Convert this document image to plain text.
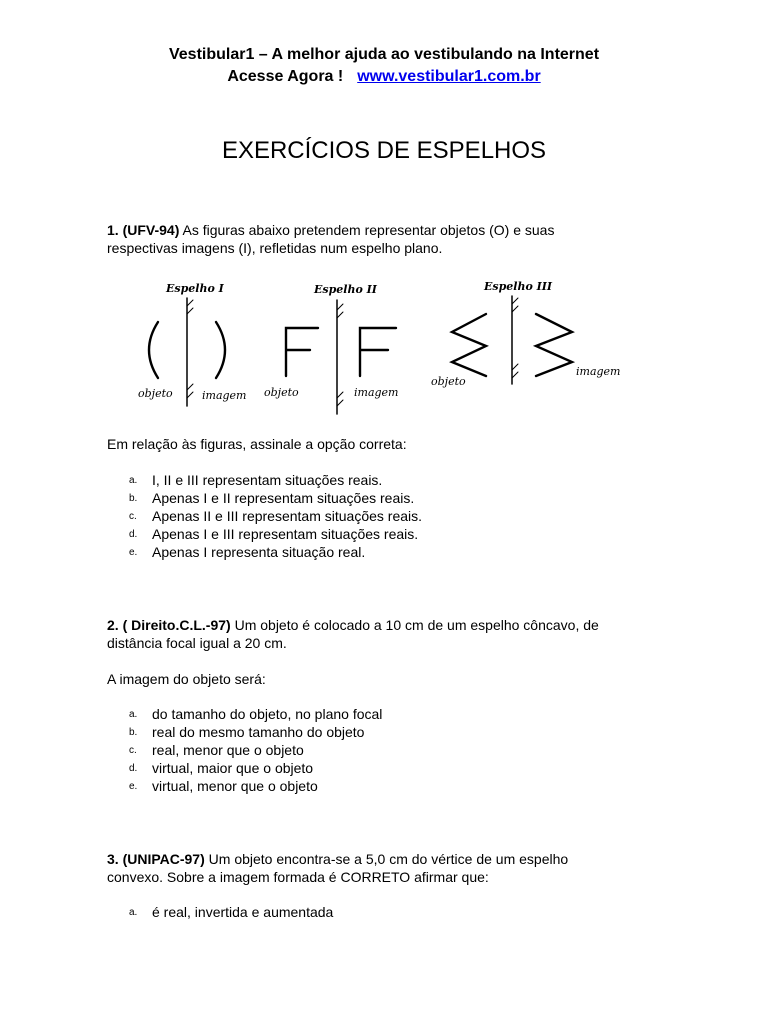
Vestibular1 – A melhor ajuda ao vestibulando na Internet
Acesse Agora ! www.vestibular1.com.br
EXERCÍCIOS DE ESPELHOS
1. (UFV-94) As figuras abaixo pretendem representar objetos (O) e suas
respectivas imagens (I), refletidas num espelho plano.
Espelho I	Espelho II	Espelho III
objeto	imagem objeto	imagem
objeto
imagem
Em relação às figuras, assinale a opção correta:
a. I, II e III representam situações reais.
b. Apenas I e II representam situações reais.
c. Apenas II e III representam situações reais.
d. Apenas I e III representam situações reais.
e. Apenas I representa situação real.
2. ( Direito.C.L.-97) Um objeto é colocado a 10 cm de um espelho côncavo, de
distância focal igual a 20 cm.
A imagem do objeto será:
a. do tamanho do objeto, no plano focal
b. real do mesmo tamanho do objeto
c. real, menor que o objeto
d. virtual, maior que o objeto
e. virtual, menor que o objeto
3. (UNIPAC-97) Um objeto encontra-se a 5,0 cm do vértice de um espelho
convexo. Sobre a imagem formada é CORRETO afirmar que:
a. é real, invertida e aumentada
